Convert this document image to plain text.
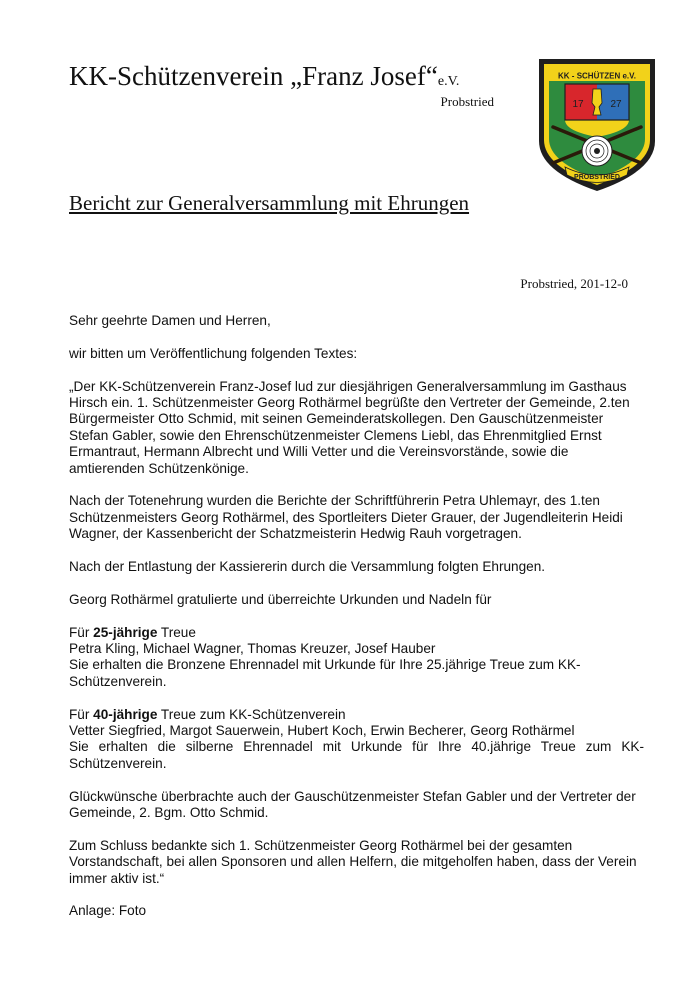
KK-Schützenverein „Franz Josef“e.V.
Probstried
KK - SCHÜTZEN e.V.
17	27
PROBSTRIED
Bericht zur Generalversammlung mit Ehrungen
Probstried, 201-12-0

Sehr geehrte Damen und Herren,

wir bitten um Veröffentlichung folgenden Textes:

„Der KK-Schützenverein Franz-Josef lud zur diesjährigen Generalversammlung im Gasthaus Hirsch ein. 1. Schützenmeister Georg Rothärmel begrüßte den Vertreter der Gemeinde, 2.ten Bürgermeister Otto Schmid, mit seinen Gemeinderatskollegen. Den Gauschützenmeister Stefan Gabler, sowie den Ehrenschützenmeister Clemens Liebl, das Ehrenmitglied Ernst Ermantraut, Hermann Albrecht und Willi Vetter und die Vereinsvorstände, sowie die amtierenden Schützenkönige.

Nach der Totenehrung wurden die Berichte der Schriftführerin Petra Uhlemayr, des 1.ten Schützenmeisters Georg Rothärmel, des Sportleiters Dieter Grauer, der Jugendleiterin Heidi Wagner, der Kassenbericht der Schatzmeisterin Hedwig Rauh vorgetragen.

Nach der Entlastung der Kassiererin durch die Versammlung folgten Ehrungen.

Georg Rothärmel gratulierte und überreichte Urkunden und Nadeln für

Für 25-jährige Treue
Petra Kling, Michael Wagner, Thomas Kreuzer, Josef Hauber
Sie erhalten die Bronzene Ehrennadel mit Urkunde für Ihre 25.jährige Treue zum KK-Schützenverein.

Für 40-jährige Treue zum KK-Schützenverein
Vetter Siegfried, Margot Sauerwein, Hubert Koch, Erwin Becherer, Georg Rothärmel
Sie erhalten die silberne Ehrennadel mit Urkunde für Ihre 40.jährige Treue zum KK-Schützenverein.

Glückwünsche überbrachte auch der Gauschützenmeister Stefan Gabler und der Vertreter der Gemeinde, 2. Bgm. Otto Schmid.

Zum Schluss bedankte sich 1. Schützenmeister Georg Rothärmel bei der gesamten Vorstandschaft, bei allen Sponsoren und allen Helfern, die mitgeholfen haben, dass der Verein immer aktiv ist.“

Anlage: Foto
